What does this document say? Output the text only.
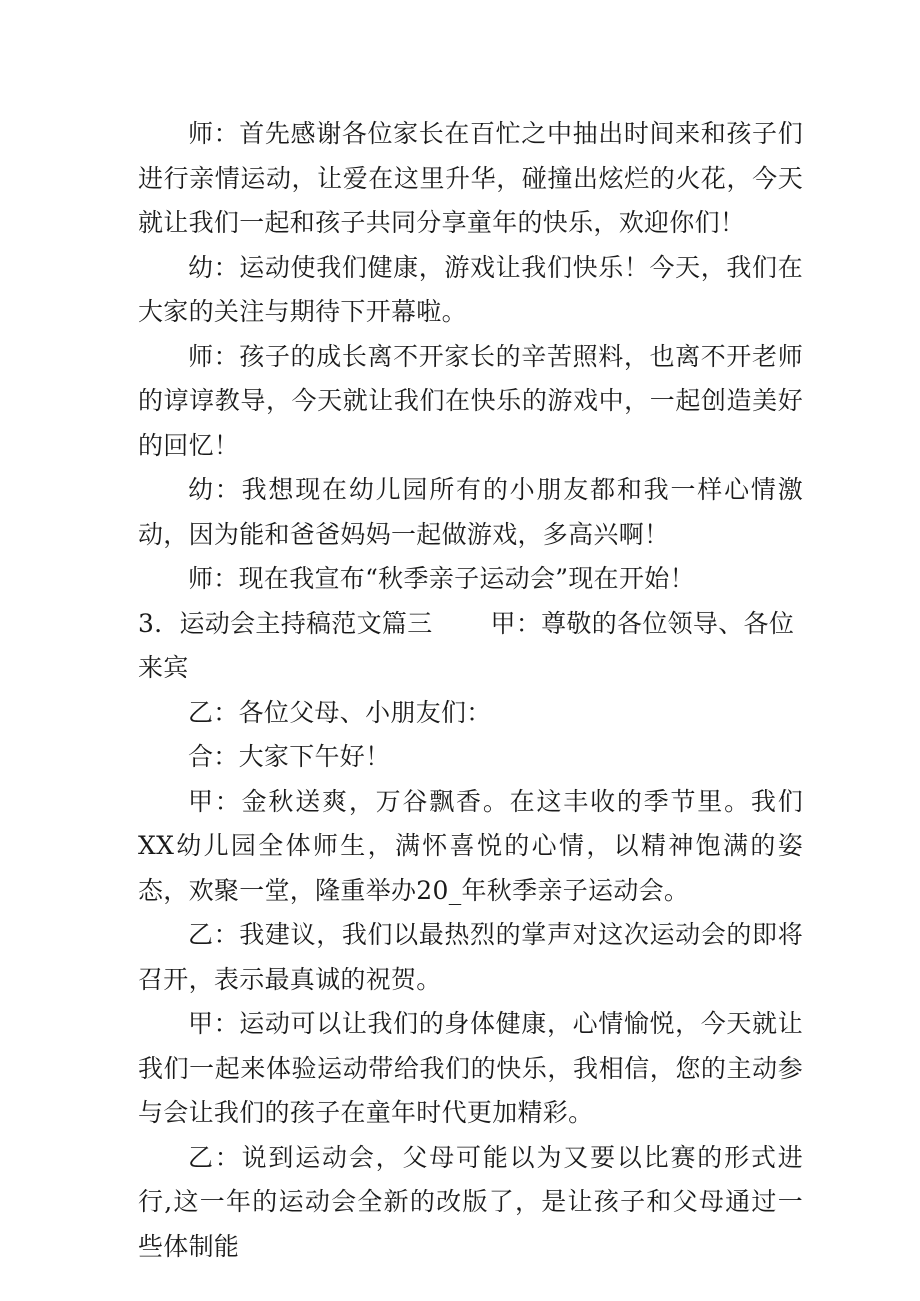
师：首先感谢各位家长在百忙之中抽出时间来和孩子们进行亲情运动，让爱在这里升华，碰撞出炫烂的火花，今天就让我们一起和孩子共同分享童年的快乐，欢迎你们！

幼：运动使我们健康，游戏让我们快乐！今天，我们在大家的关注与期待下开幕啦。

师：孩子的成长离不开家长的辛苦照料，也离不开老师的谆谆教导，今天就让我们在快乐的游戏中，一起创造美好的回忆！

幼：我想现在幼儿园所有的小朋友都和我一样心情激动，因为能和爸爸妈妈一起做游戏，多高兴啊！

师：现在我宣布“秋季亲子运动会”现在开始！

3．运动会主持稿范文篇三 甲：尊敬的各位领导、各位来宾

乙：各位父母、小朋友们：

合：大家下午好！

甲：金秋送爽，万谷飘香。在这丰收的季节里。我们XX幼儿园全体师生，满怀喜悦的心情，以精神饱满的姿态，欢聚一堂，隆重举办20_年秋季亲子运动会。

乙：我建议，我们以最热烈的掌声对这次运动会的即将召开，表示最真诚的祝贺。

甲：运动可以让我们的身体健康，心情愉悦，今天就让我们一起来体验运动带给我们的快乐，我相信，您的主动参与会让我们的孩子在童年时代更加精彩。

乙：说到运动会，父母可能以为又要以比赛的形式进行,这一年的运动会全新的改版了，是让孩子和父母通过一些体制能
